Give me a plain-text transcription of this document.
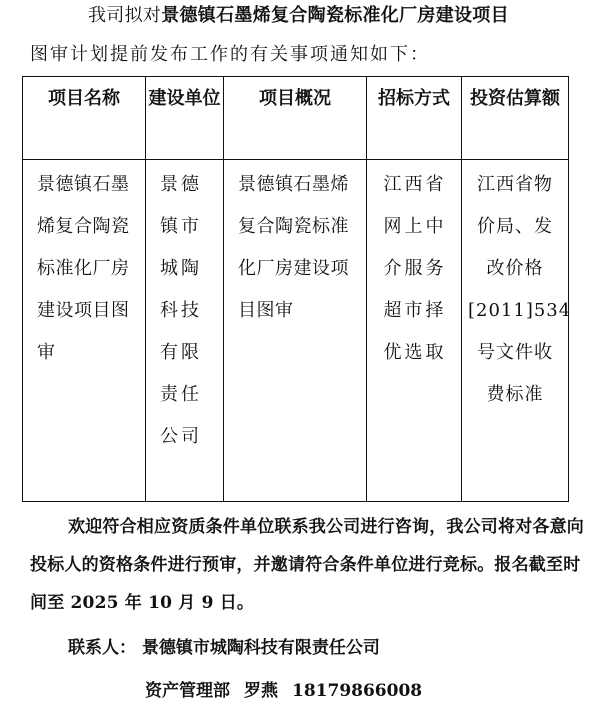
我司拟对景德镇石墨烯复合陶瓷标准化厂房建设项目
图审计划提前发布工作的有关事项通知如下：
项目名称	建设单位	项目概况	招标方式	投资估算额
景德镇石墨烯复合陶瓷标准化厂房建设项目图审	景德镇市城陶科技有限责任公司	景德镇石墨烯复合陶瓷标准化厂房建设项目图审	江西省网上中介服务超市择优选取	江西省物价局、发改价格[2011]534号文件收费标准
欢迎符合相应资质条件单位联系我公司进行咨询，我公司将对各意向投标人的资格条件进行预审，并邀请符合条件单位进行竞标。报名截至时间至 2025 年 10 月 9 日。
联系人： 景德镇市城陶科技有限责任公司
资产管理部 罗燕 18179866008
